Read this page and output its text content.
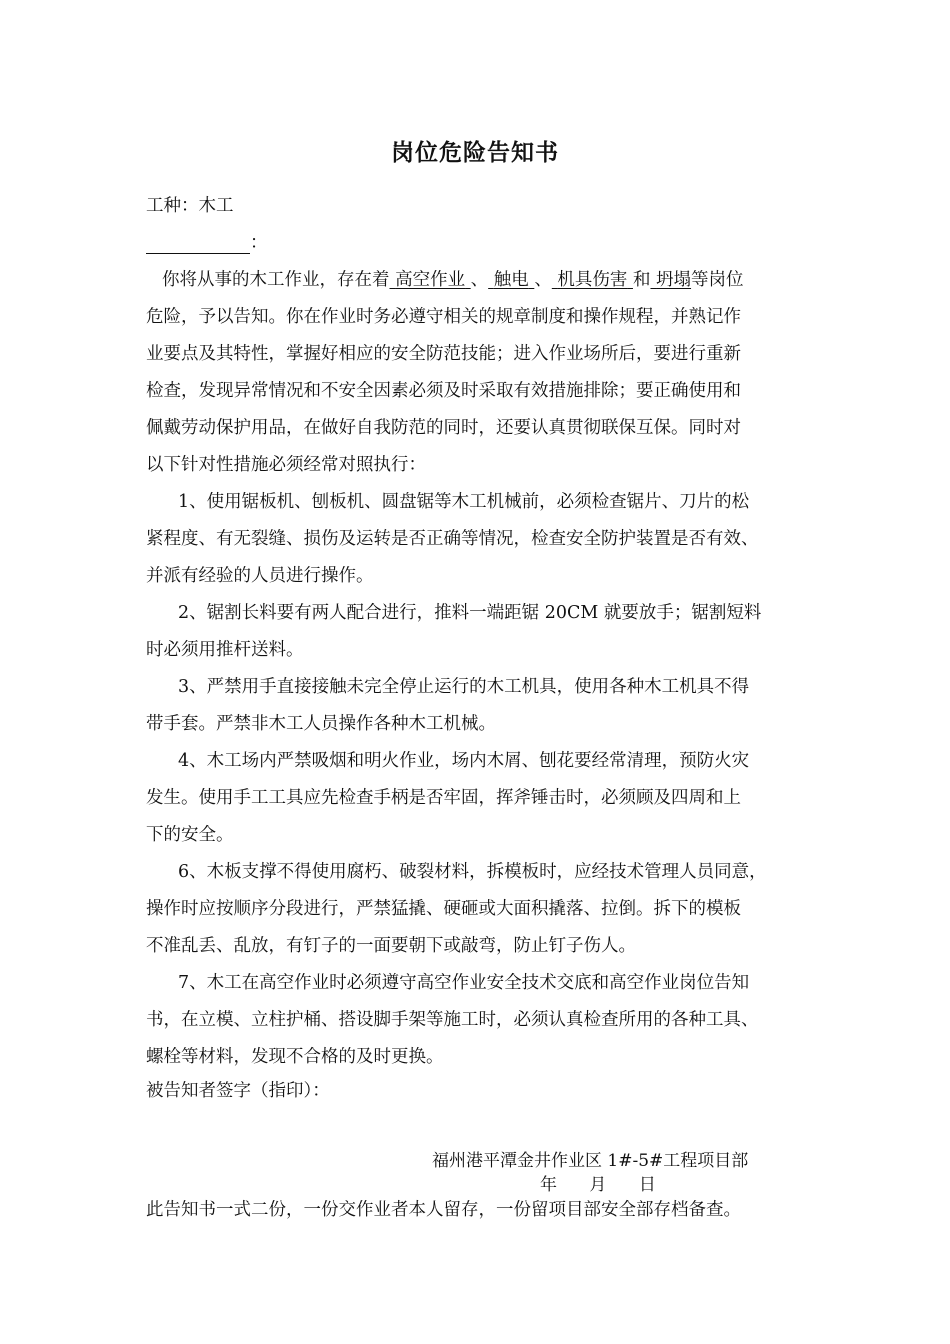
岗位危险告知书
工种：木工
：
你将从事的木工作业，存在着 高空作业 、 触电 、 机具伤害 和 坍塌等岗位
危险，予以告知。你在作业时务必遵守相关的规章制度和操作规程，并熟记作
业要点及其特性，掌握好相应的安全防范技能；进入作业场所后，要进行重新
检查，发现异常情况和不安全因素必须及时采取有效措施排除；要正确使用和
佩戴劳动保护用品，在做好自我防范的同时，还要认真贯彻联保互保。同时对
以下针对性措施必须经常对照执行：
1、使用锯板机、刨板机、圆盘锯等木工机械前，必须检查锯片、刀片的松
紧程度、有无裂缝、损伤及运转是否正确等情况，检查安全防护装置是否有效、
并派有经验的人员进行操作。
2、锯割长料要有两人配合进行，推料一端距锯 20CM 就要放手；锯割短料
时必须用推杆送料。
3、严禁用手直接接触未完全停止运行的木工机具，使用各种木工机具不得
带手套。严禁非木工人员操作各种木工机械。
4、木工场内严禁吸烟和明火作业，场内木屑、刨花要经常清理，预防火灾
发生。使用手工工具应先检查手柄是否牢固，挥斧锤击时，必须顾及四周和上
下的安全。
6、木板支撑不得使用腐朽、破裂材料，拆模板时，应经技术管理人员同意，
操作时应按顺序分段进行，严禁猛撬、硬砸或大面积撬落、拉倒。拆下的模板
不准乱丢、乱放，有钉子的一面要朝下或敲弯，防止钉子伤人。
7、木工在高空作业时必须遵守高空作业安全技术交底和高空作业岗位告知
书，在立模、立柱护桶、搭设脚手架等施工时，必须认真检查所用的各种工具、
螺栓等材料，发现不合格的及时更换。
被告知者签字（指印）：
福州港平潭金井作业区 1#-5#工程项目部
年      月      日
此告知书一式二份，一份交作业者本人留存，一份留项目部安全部存档备查。
